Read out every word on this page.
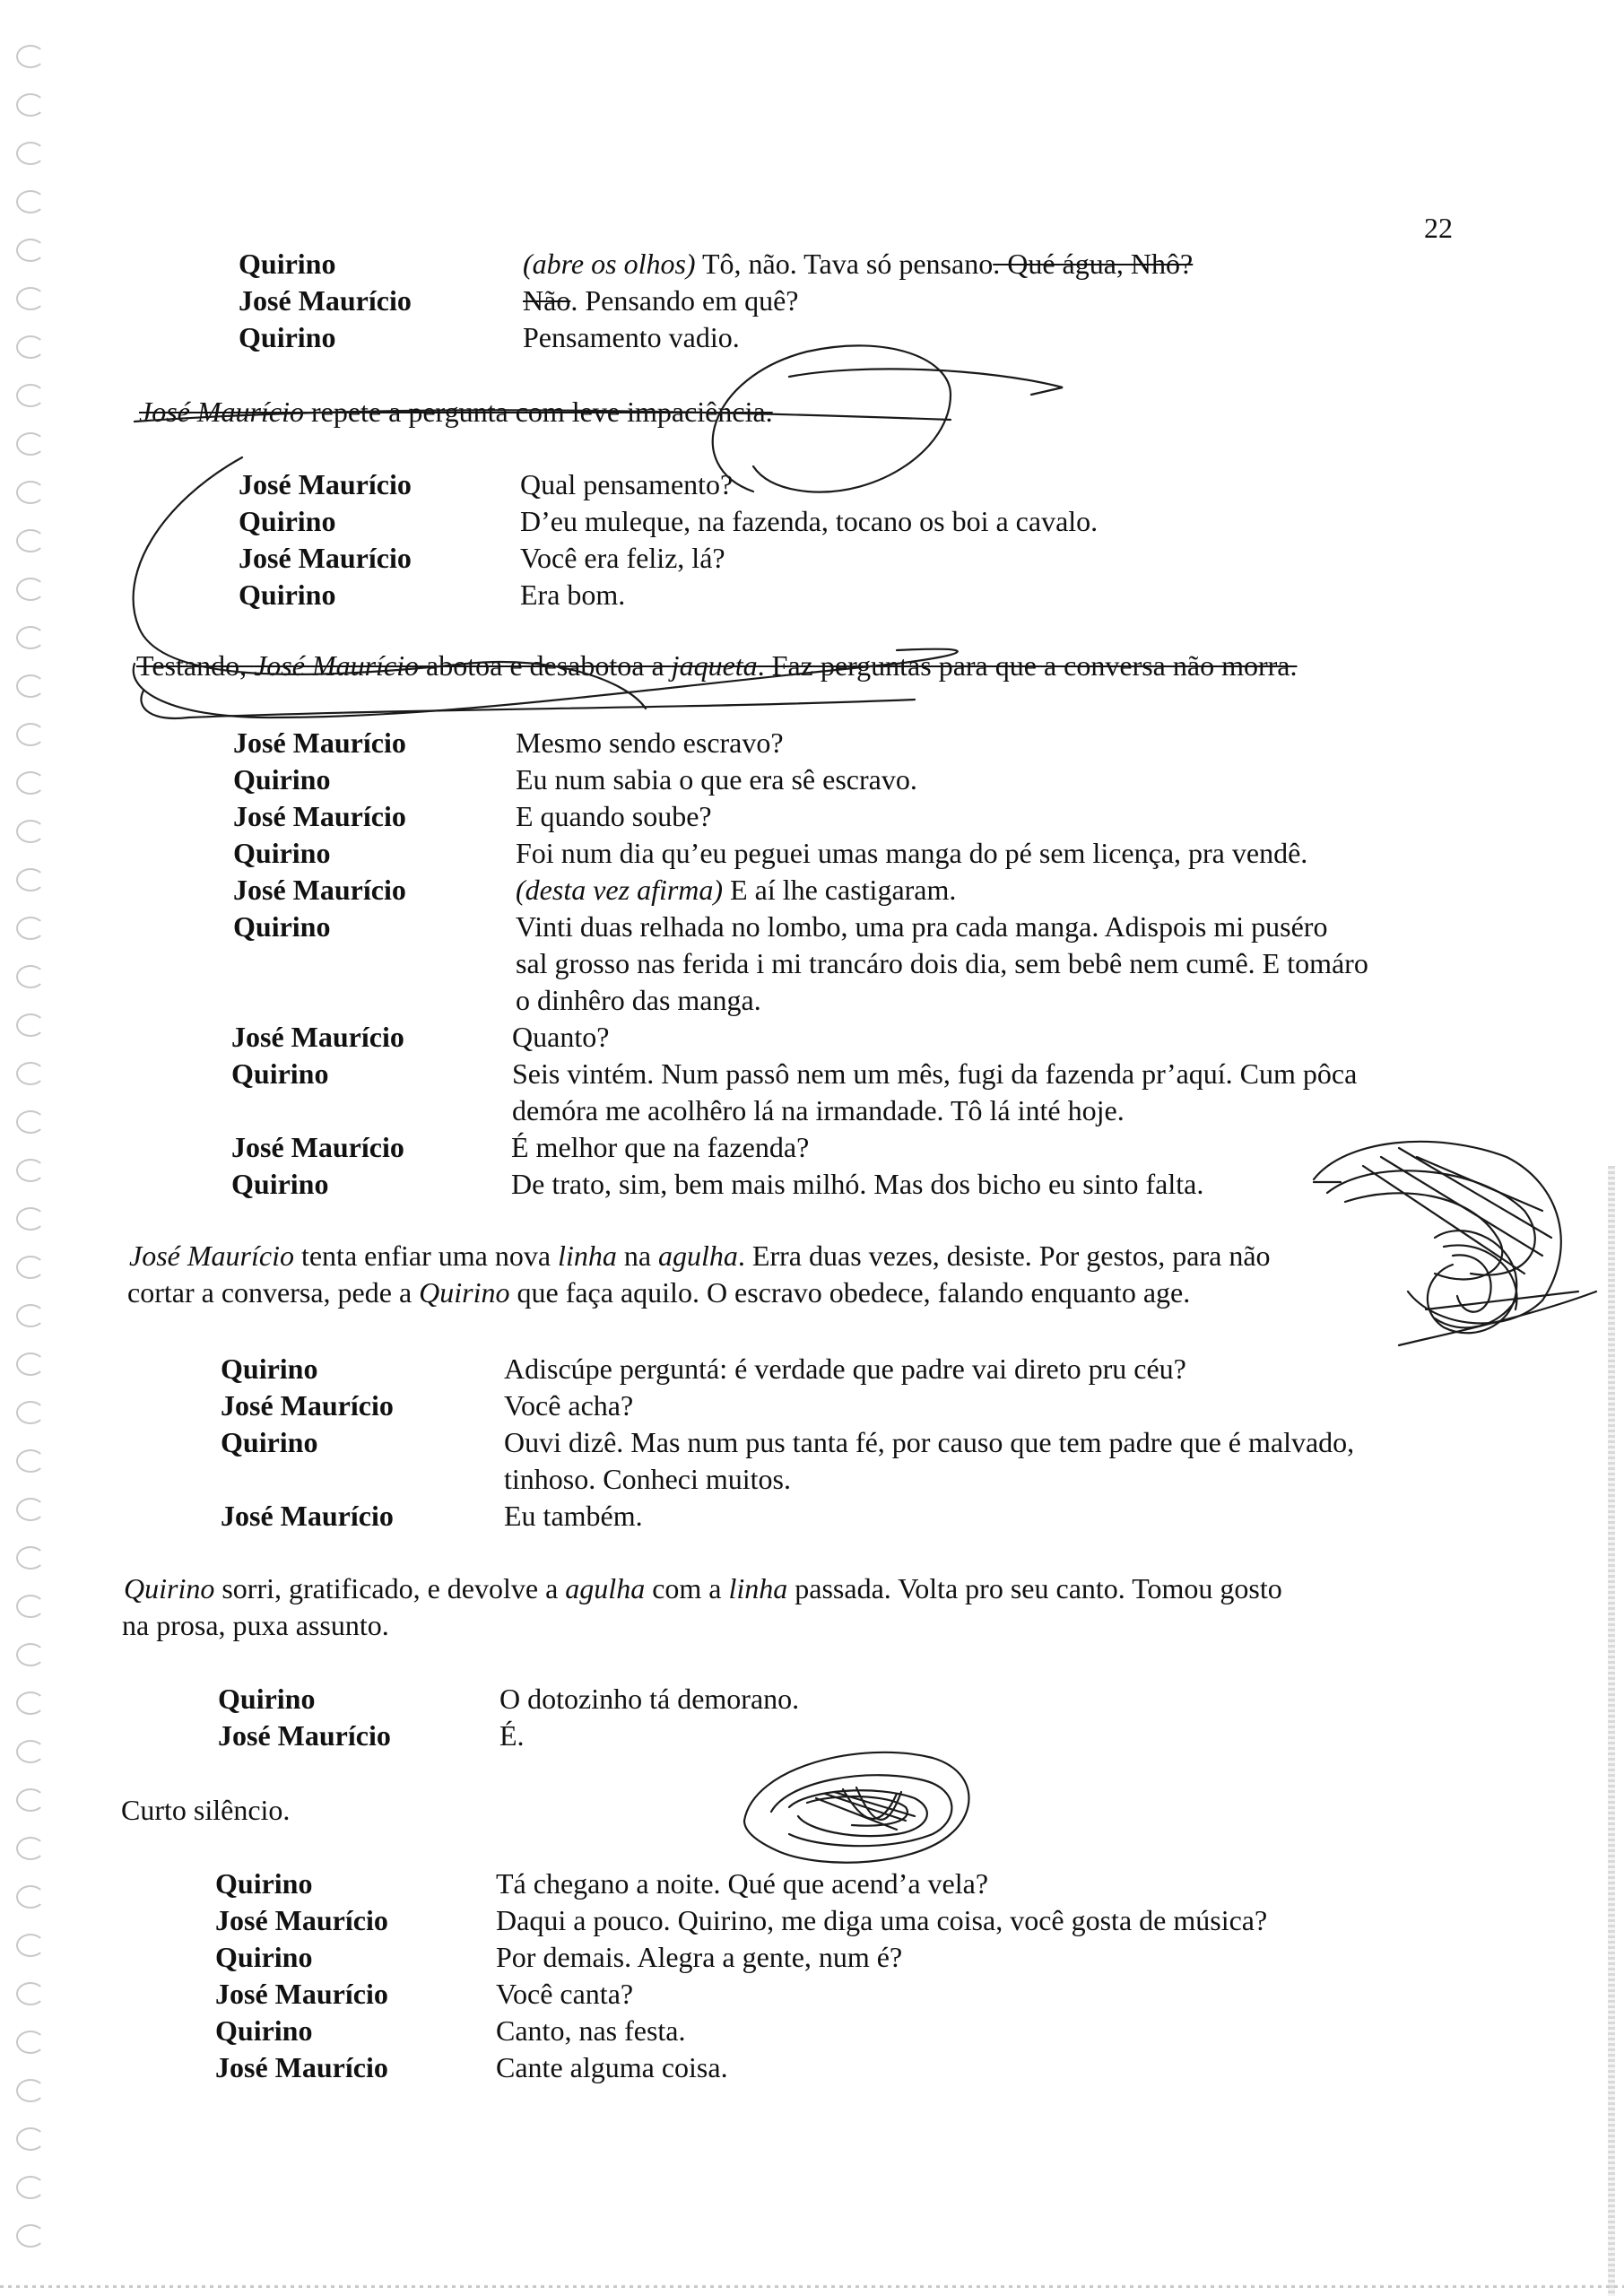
22
Quirino	(abre os olhos) Tô, não. Tava só pensano. Qué água, Nhô?
José Maurício	Não. Pensando em quê?
Quirino	Pensamento vadio.
José Maurício	Qual pensamento?
Quirino	D’eu muleque, na fazenda, tocano os boi a cavalo.
José Maurício	Você era feliz, lá?
Quirino	Era bom.
José Maurício	Mesmo sendo escravo?
Quirino	Eu num sabia o que era sê escravo.
José Maurício	E quando soube?
Quirino	Foi num dia qu’eu peguei umas manga do pé sem licença, pra vendê.
José Maurício	(desta vez afirma) E aí lhe castigaram.
Quirino	Vinti duas relhada no lombo, uma pra cada manga. Adispois mi puséro
sal grosso nas ferida i mi trancáro dois dia, sem bebê nem cumê. E tomáro
o dinhêro das manga.
José Maurício	Quanto?
Quirino	Seis vintém. Num passô nem um mês, fugi da fazenda pr’aquí. Cum pôca
demóra me acolhêro lá na irmandade. Tô lá inté hoje.
José Maurício	É melhor que na fazenda?
Quirino	De trato, sim, bem mais milhó. Mas dos bicho eu sinto falta.
Quirino	Adiscúpe perguntá: é verdade que padre vai direto pru céu?
José Maurício	Você acha?
Quirino	Ouvi dizê. Mas num pus tanta fé, por causo que tem padre que é malvado,
tinhoso. Conheci muitos.
José Maurício	Eu também.
Quirino	O dotozinho tá demorano.
José Maurício	É.
Quirino	Tá chegano a noite. Qué que acend’a vela?
José Maurício	Daqui a pouco. Quirino, me diga uma coisa, você gosta de música?
Quirino	Por demais. Alegra a gente, num é?
José Maurício	Você canta?
Quirino	Canto, nas festa.
José Maurício	Cante alguma coisa.
José Maurício repete a pergunta com leve impaciência.
Testando, José Maurício abotoa e desabotoa a jaqueta. Faz perguntas para que a conversa não morra.
José Maurício tenta enfiar uma nova linha na agulha. Erra duas vezes, desiste. Por gestos, para não
cortar a conversa, pede a Quirino que faça aquilo. O escravo obedece, falando enquanto age.
Quirino sorri, gratificado, e devolve a agulha com a linha passada. Volta pro seu canto. Tomou gosto
na prosa, puxa assunto.
Curto silêncio.
